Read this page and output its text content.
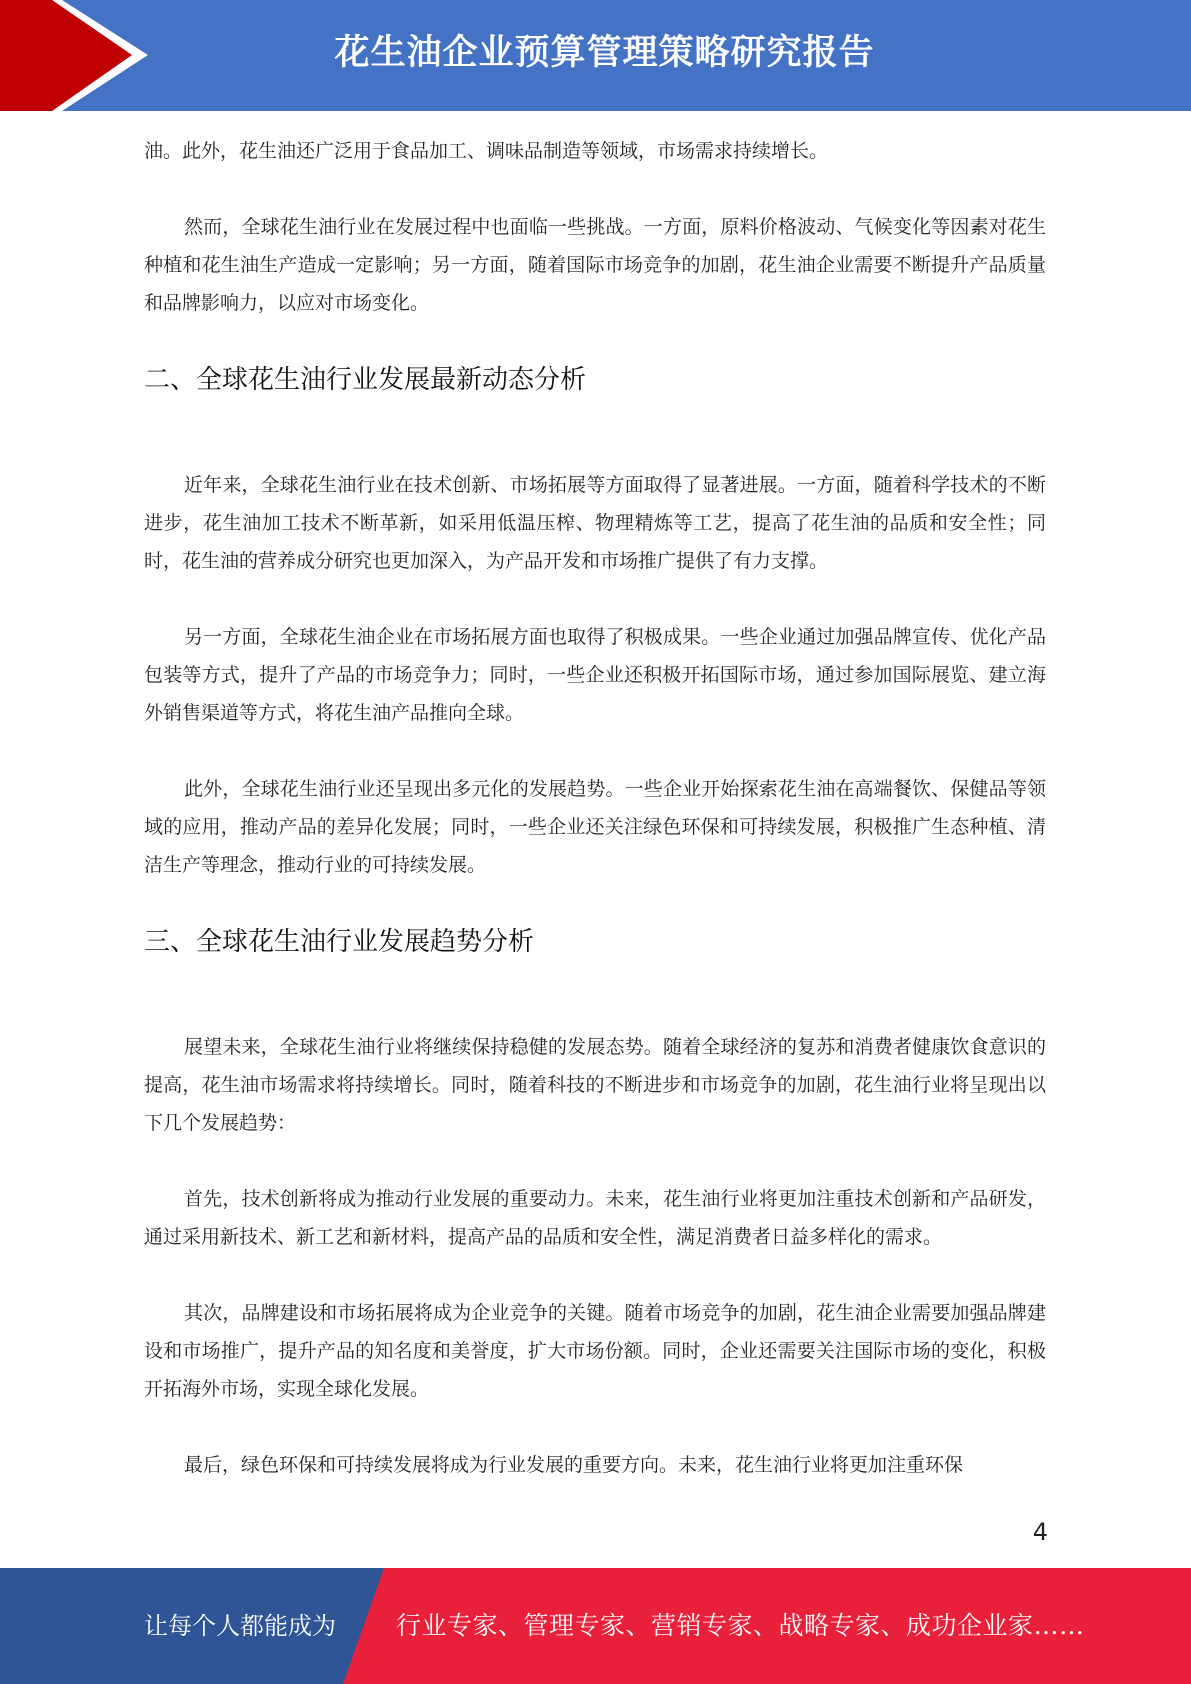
花生油企业预算管理策略研究报告

油。此外，花生油还广泛用于食品加工、调味品制造等领域，市场需求持续增长。

然而，全球花生油行业在发展过程中也面临一些挑战。一方面，原料价格波动、气候变化等因素对花生种植和花生油生产造成一定影响；另一方面，随着国际市场竞争的加剧，花生油企业需要不断提升产品质量和品牌影响力，以应对市场变化。

二、全球花生油行业发展最新动态分析

近年来，全球花生油行业在技术创新、市场拓展等方面取得了显著进展。一方面，随着科学技术的不断进步，花生油加工技术不断革新，如采用低温压榨、物理精炼等工艺，提高了花生油的品质和安全性；同时，花生油的营养成分研究也更加深入，为产品开发和市场推广提供了有力支撑。

另一方面，全球花生油企业在市场拓展方面也取得了积极成果。一些企业通过加强品牌宣传、优化产品包装等方式，提升了产品的市场竞争力；同时，一些企业还积极开拓国际市场，通过参加国际展览、建立海外销售渠道等方式，将花生油产品推向全球。

此外，全球花生油行业还呈现出多元化的发展趋势。一些企业开始探索花生油在高端餐饮、保健品等领域的应用，推动产品的差异化发展；同时，一些企业还关注绿色环保和可持续发展，积极推广生态种植、清洁生产等理念，推动行业的可持续发展。

三、全球花生油行业发展趋势分析

展望未来，全球花生油行业将继续保持稳健的发展态势。随着全球经济的复苏和消费者健康饮食意识的提高，花生油市场需求将持续增长。同时，随着科技的不断进步和市场竞争的加剧，花生油行业将呈现出以下几个发展趋势：

首先，技术创新将成为推动行业发展的重要动力。未来，花生油行业将更加注重技术创新和产品研发，通过采用新技术、新工艺和新材料，提高产品的品质和安全性，满足消费者日益多样化的需求。

其次，品牌建设和市场拓展将成为企业竞争的关键。随着市场竞争的加剧，花生油企业需要加强品牌建设和市场推广，提升产品的知名度和美誉度，扩大市场份额。同时，企业还需要关注国际市场的变化，积极开拓海外市场，实现全球化发展。

最后，绿色环保和可持续发展将成为行业发展的重要方向。未来，花生油行业将更加注重环保

4
让每个人都能成为 行业专家、管理专家、营销专家、战略专家、成功企业家……
